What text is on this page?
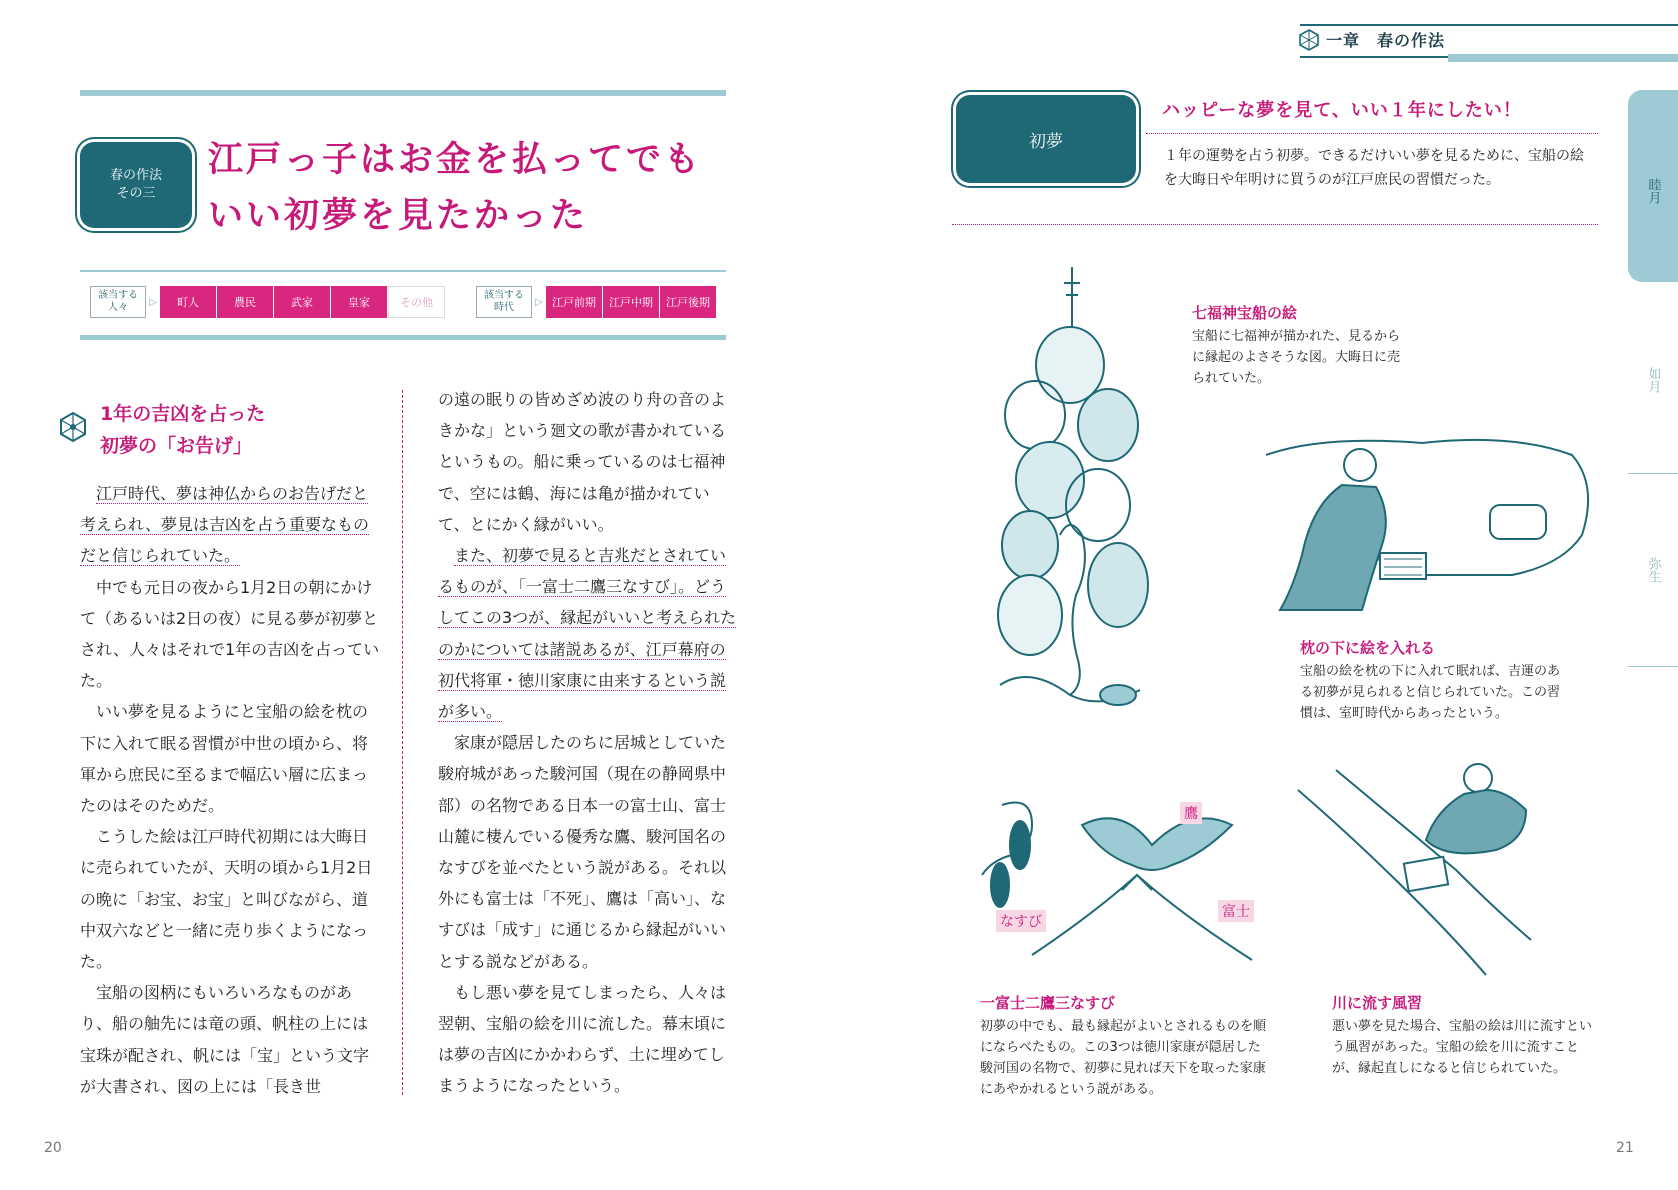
春の作法
その三
江戸っ子はお金を払ってでも
いい初夢を見たかった
該当する
人々	▷	町人	農民	武家	皇家	その他
該当する
時代	▷ 江戸前期	江戸中期	江戸後期
1年の吉凶を占った
初夢の「お告げ」

江戸時代、夢は神仏からのお告げだと考えられ、夢見は吉凶を占う重要なものだと信じられていた。

中でも元日の夜から1月2日の朝にかけて（あるいは2日の夜）に見る夢が初夢とされ、人々はそれで1年の吉凶を占っていた。

いい夢を見るようにと宝船の絵を枕の下に入れて眠る習慣が中世の頃から、将軍から庶民に至るまで幅広い層に広まったのはそのためだ。

こうした絵は江戸時代初期には大晦日に売られていたが、天明の頃から1月2日の晩に「お宝、お宝」と叫びながら、道中双六などと一緒に売り歩くようになった。

宝船の図柄にもいろいろなものがあり、船の舳先には竜の頭、帆柱の上には宝珠が配され、帆には「宝」という文字が大書され、図の上には「長き世

の遠の眠りの皆めざめ波のり舟の音のよきかな」という廻文の歌が書かれているというもの。船に乗っているのは七福神で、空には鶴、海には亀が描かれていて、とにかく縁がいい。

また、初夢で見ると吉兆だとされているものが、「一富士二鷹三なすび」。どうしてこの3つが、縁起がいいと考えられたのかについては諸説あるが、江戸幕府の初代将軍・徳川家康に由来するという説が多い。

家康が隠居したのちに居城としていた駿府城があった駿河国（現在の静岡県中部）の名物である日本一の富士山、富士山麓に棲んでいる優秀な鷹、駿河国名のなすびを並べたという説がある。それ以外にも富士は「不死」、鷹は「高い」、なすびは「成す」に通じるから縁起がいいとする説などがある。

もし悪い夢を見てしまったら、人々は翌朝、宝船の絵を川に流した。幕末頃には夢の吉凶にかかわらず、土に埋めてしまうようになったという。

20
一章　春の作法
初夢
ハッピーな夢を見て、いい１年にしたい！
１年の運勢を占う初夢。できるだけいい夢を見るために、宝船の絵を大晦日や年明けに買うのが江戸庶民の習慣だった。	睦月
如月
弥生
七福神宝船の絵
宝船に七福神が描かれた、見るからに縁起のよさそうな図。大晦日に売られていた。
枕の下に絵を入れる
宝船の絵を枕の下に入れて眠れば、吉運のある初夢が見られると信じられていた。この習慣は、室町時代からあったという。
鷹
富士
なすび
一富士二鷹三なすび
初夢の中でも、最も縁起がよいとされるものを順にならべたもの。この3つは徳川家康が隠居した駿河国の名物で、初夢に見れば天下を取った家康にあやかれるという説がある。
川に流す風習
悪い夢を見た場合、宝船の絵は川に流すという風習があった。宝船の絵を川に流すことが、縁起直しになると信じられていた。
21
